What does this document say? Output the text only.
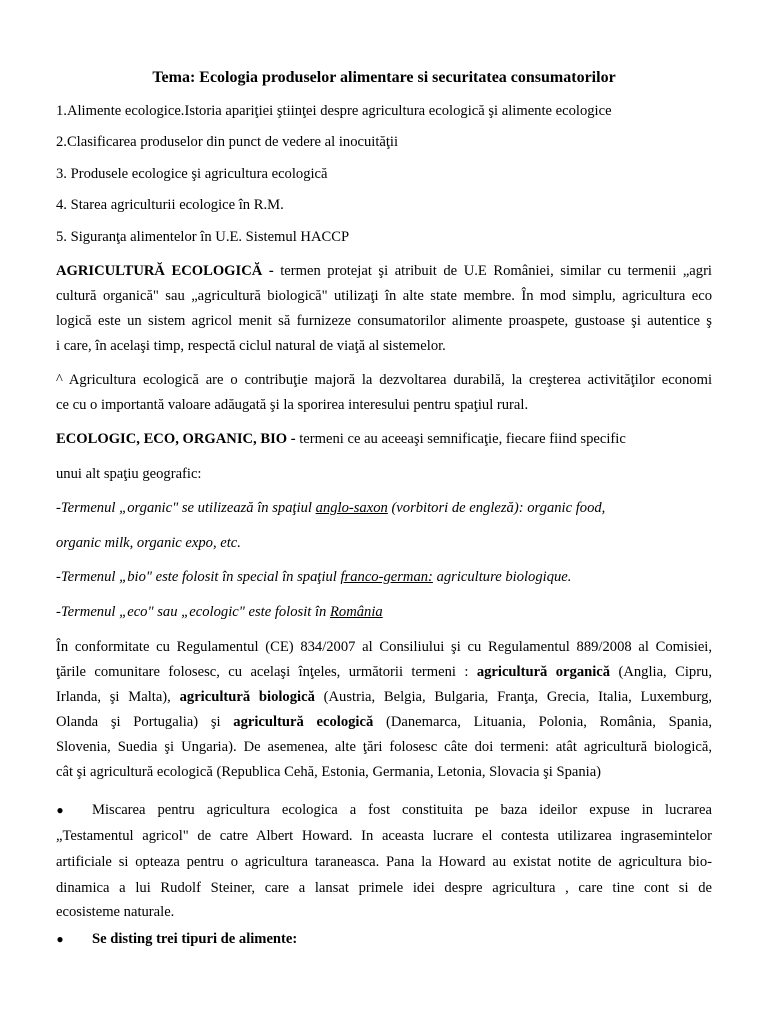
Tema: Ecologia produselor alimentare si securitatea consumatorilor
1.Alimente ecologice.Istoria apariţiei ştiinţei despre agricultura ecologică şi alimente ecologice
2.Clasificarea produselor din punct de vedere al inocuităţii
3. Produsele ecologice şi agricultura ecologică
4. Starea agriculturii ecologice în R.M.
5. Siguranţa alimentelor în U.E. Sistemul HACCP
AGRICULTURĂ ECOLOGICĂ - termen protejat şi atribuit de U.E României, similar cu termenii „agri
cultură organică" sau „agricultură biologică" utilizaţi în alte state membre. În mod simplu, agricultura eco
logică este un sistem agricol menit să furnizeze consumatorilor alimente proaspete, gustoase şi autentice ş
i care, în acelaşi timp, respectă ciclul natural de viaţă al sistemelor.
^ Agricultura ecologică are o contribuţie majoră la dezvoltarea durabilă, la creşterea activităţilor economi
ce cu o importantă valoare adăugată şi la sporirea interesului pentru spaţiul rural.
ECOLOGIC, ECO, ORGANIC, BIO - termeni ce au aceeaşi semnificaţie, fiecare fiind specific
unui alt spaţiu geografic:
-Termenul „organic" se utilizează în spaţiul anglo-saxon (vorbitori de engleză): organic food,
organic milk, organic expo, etc.
-Termenul „bio" este folosit în special în spaţiul franco-german: agriculture biologique.
-Termenul „eco" sau „ecologic" este folosit în România
În conformitate cu Regulamentul (CE) 834/2007 al Consiliului şi cu Regulamentul 889/2008 al Comisiei,
ţările comunitare folosesc, cu acelaşi înţeles, următorii termeni : agricultură organică (Anglia, Cipru,
Irlanda, şi Malta), agricultură biologică (Austria, Belgia, Bulgaria, Franţa, Grecia, Italia, Luxemburg,
Olanda şi Portugalia) şi agricultură ecologică (Danemarca, Lituania, Polonia, România, Spania,
Slovenia, Suedia şi Ungaria). De asemenea, alte ţări folosesc câte doi termeni: atât agricultură biologică,
cât şi agricultură ecologică (Republica Cehă, Estonia, Germania, Letonia, Slovacia şi Spania)
● Miscarea pentru agricultura ecologica a fost constituita pe baza ideilor expuse in lucrarea
„Testamentul agricol" de catre Albert Howard. In aceasta lucrare el contesta utilizarea ingrasemintelor
artificiale si opteaza pentru o agricultura taraneasca. Pana la Howard au existat notite de agricultura bio-
dinamica a lui Rudolf Steiner, care a lansat primele idei despre agricultura , care tine cont si de
ecosisteme naturale.
● Se disting trei tipuri de alimente:
